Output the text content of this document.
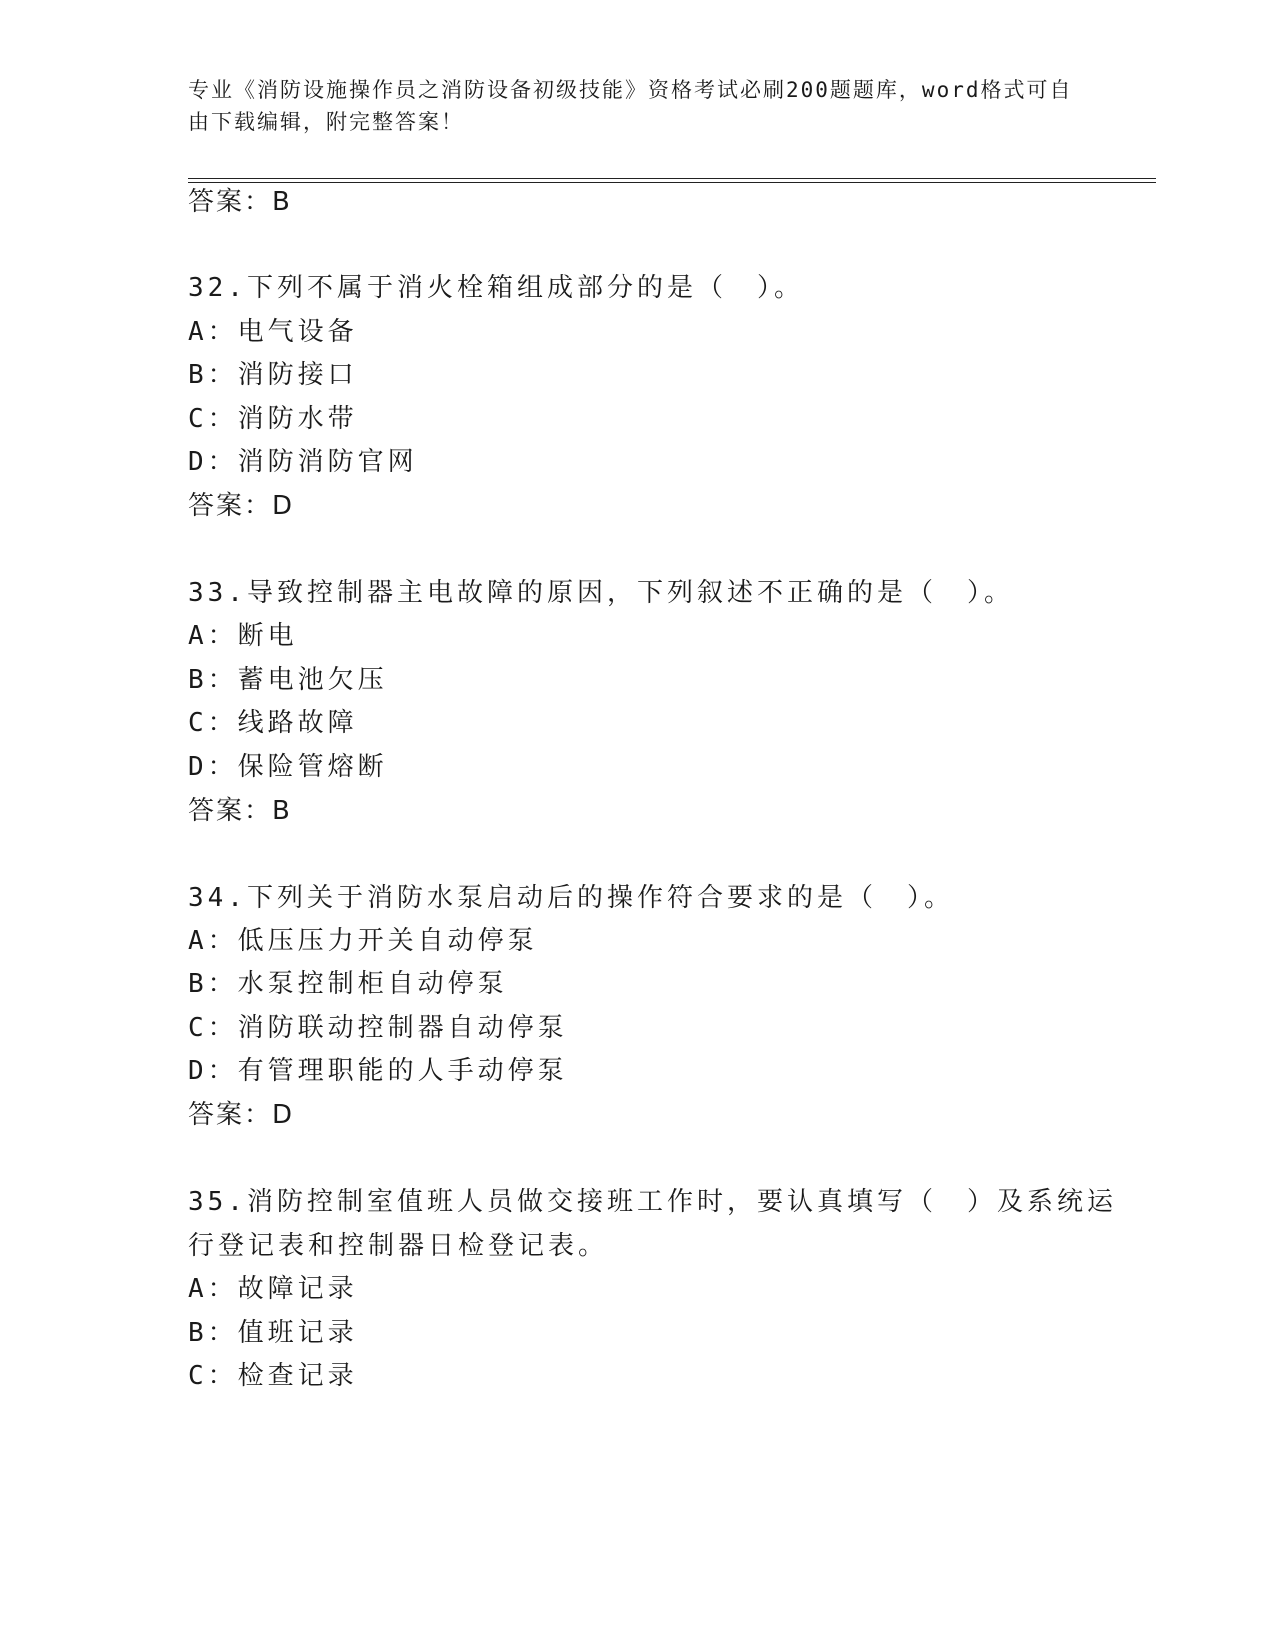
专业《消防设施操作员之消防设备初级技能》资格考试必刷200题题库，word格式可自由下载编辑，附完整答案！
答案：B
32.下列不属于消火栓箱组成部分的是（　）。
A：电气设备
B：消防接口
C：消防水带
D：消防消防官网
答案：D
33.导致控制器主电故障的原因，下列叙述不正确的是（　）。
A：断电
B：蓄电池欠压
C：线路故障
D：保险管熔断
答案：B
34.下列关于消防水泵启动后的操作符合要求的是（　）。
A：低压压力开关自动停泵
B：水泵控制柜自动停泵
C：消防联动控制器自动停泵
D：有管理职能的人手动停泵
答案：D
35.消防控制室值班人员做交接班工作时，要认真填写（　）及系统运
行登记表和控制器日检登记表。
A：故障记录
B：值班记录
C：检查记录
